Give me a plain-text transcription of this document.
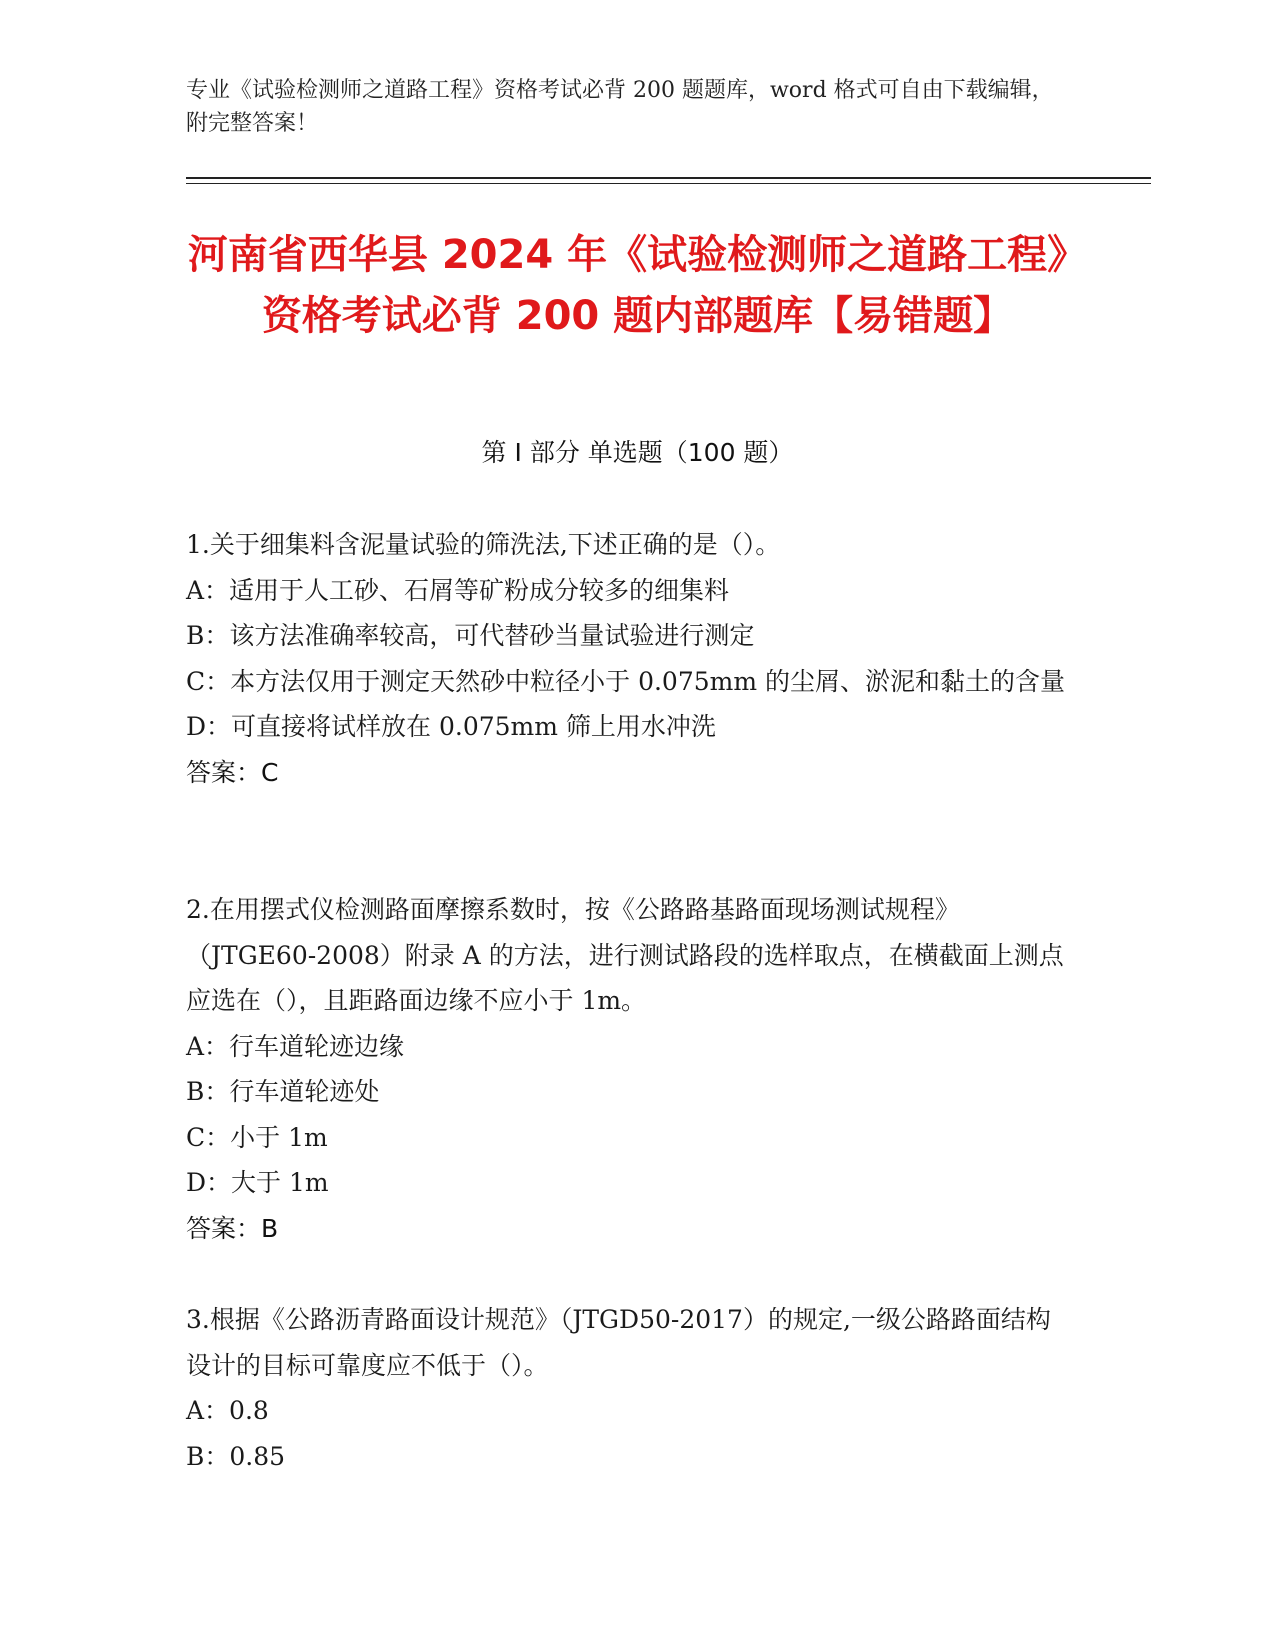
专业《试验检测师之道路工程》资格考试必背 200 题题库，word 格式可自由下载编辑，附完整答案！
河南省西华县 2024 年《试验检测师之道路工程》资格考试必背 200 题内部题库【易错题】
第 I 部分 单选题（100 题）

1.关于细集料含泥量试验的筛洗法,下述正确的是（）。

A：适用于人工砂、石屑等矿粉成分较多的细集料

B：该方法准确率较高，可代替砂当量试验进行测定

C：本方法仅用于测定天然砂中粒径小于 0.075mm 的尘屑、淤泥和黏土的含量

D：可直接将试样放在 0.075mm 筛上用水冲洗

答案：C

2.在用摆式仪检测路面摩擦系数时，按《公路路基路面现场测试规程》（JTGE60-2008）附录 A 的方法，进行测试路段的选样取点，在横截面上测点应选在（），且距路面边缘不应小于 1m。

A：行车道轮迹边缘

B：行车道轮迹处

C：小于 1m

D：大于 1m

答案：B

3.根据《公路沥青路面设计规范》（JTGD50-2017）的规定,一级公路路面结构设计的目标可靠度应不低于（）。

A：0.8

B：0.85
